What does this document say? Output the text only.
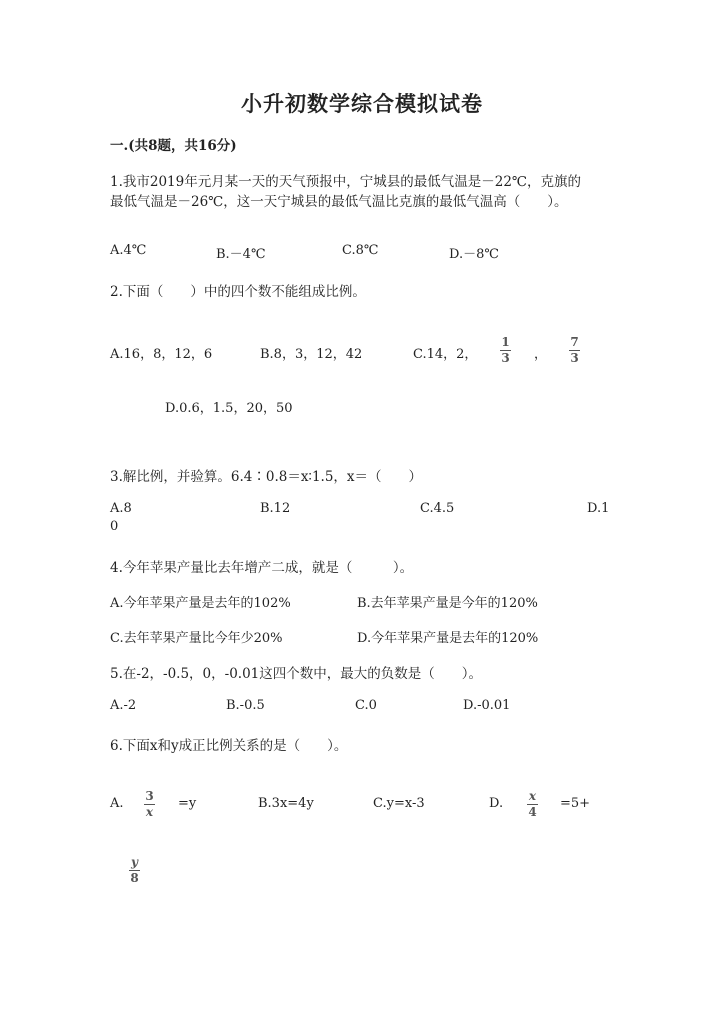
小升初数学综合模拟试卷
一.(共8题，共16分)
1.我市2019年元月某一天的天气预报中，宁城县的最低气温是－22℃，克旗的
最低气温是－26℃，这一天宁城县的最低气温比克旗的最低气温高（　　）。
A.4℃	B.－4℃	C.8℃	D.－8℃
2.下面（　　）中的四个数不能组成比例。
A.16，8，12，6	B.8，3，12，42	C.14，2，
1
3 ，
7
3
D.0.6，1.5，20，50
3.解比例，并验算。6.4∶0.8＝x∶1.5，x＝（　　）
A.8	B.12	C.4.5	D.1
0
4.今年苹果产量比去年增产二成，就是（　　　）。
A.今年苹果产量是去年的102%	B.去年苹果产量是今年的120%
C.去年苹果产量比今年少20%	D.今年苹果产量是去年的120%
5.在-2，-0.5，0，-0.01这四个数中，最大的负数是（　　）。
A.-2	B.-0.5	C.0	D.-0.01
6.下面x和y成正比例关系的是（　　）。
A. 3
x
=y	B.3x=4y	C.y=x-3	D. x
4
=5+
y
8
